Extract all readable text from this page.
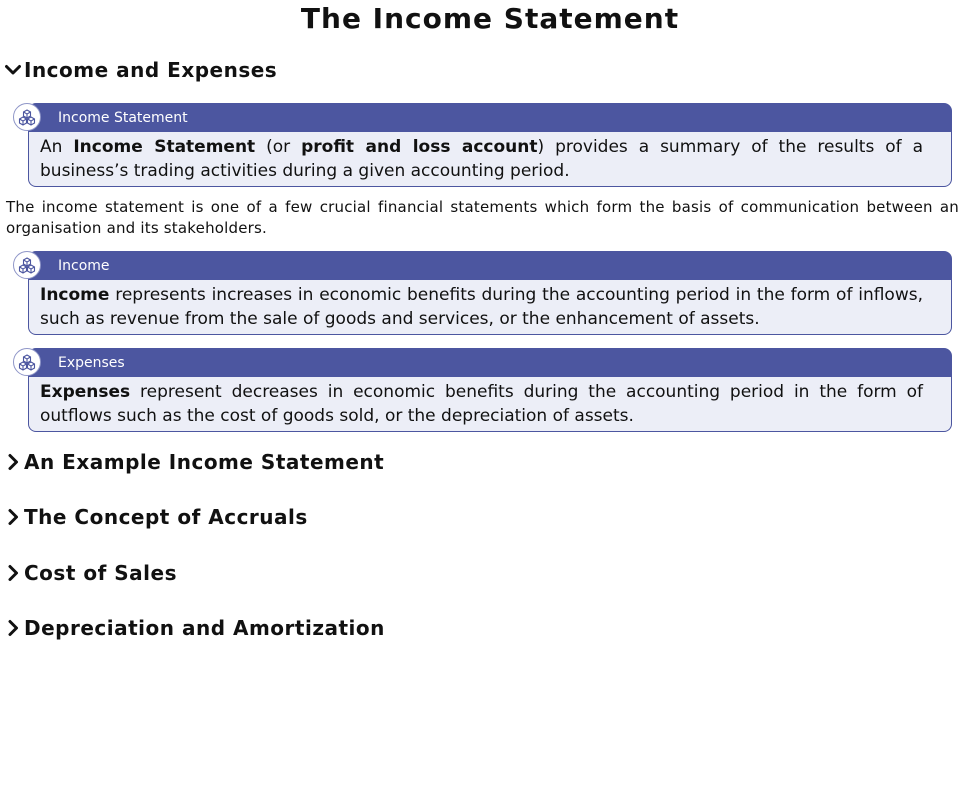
The Income Statement
Income and Expenses
Income Statement
An Income Statement (or profit and loss account) provides a summary of the results of a business’s trading activities during a given accounting period.

The income statement is one of a few crucial financial statements which form the basis of communication between an organisation and its stakeholders.

Income
Income represents increases in economic benefits during the accounting period in the form of inflows, such as revenue from the sale of goods and services, or the enhancement of assets.
Expenses
Expenses represent decreases in economic benefits during the accounting period in the form of outflows such as the cost of goods sold, or the depreciation of assets.
An Example Income Statement
The Concept of Accruals
Cost of Sales
Depreciation and Amortization
